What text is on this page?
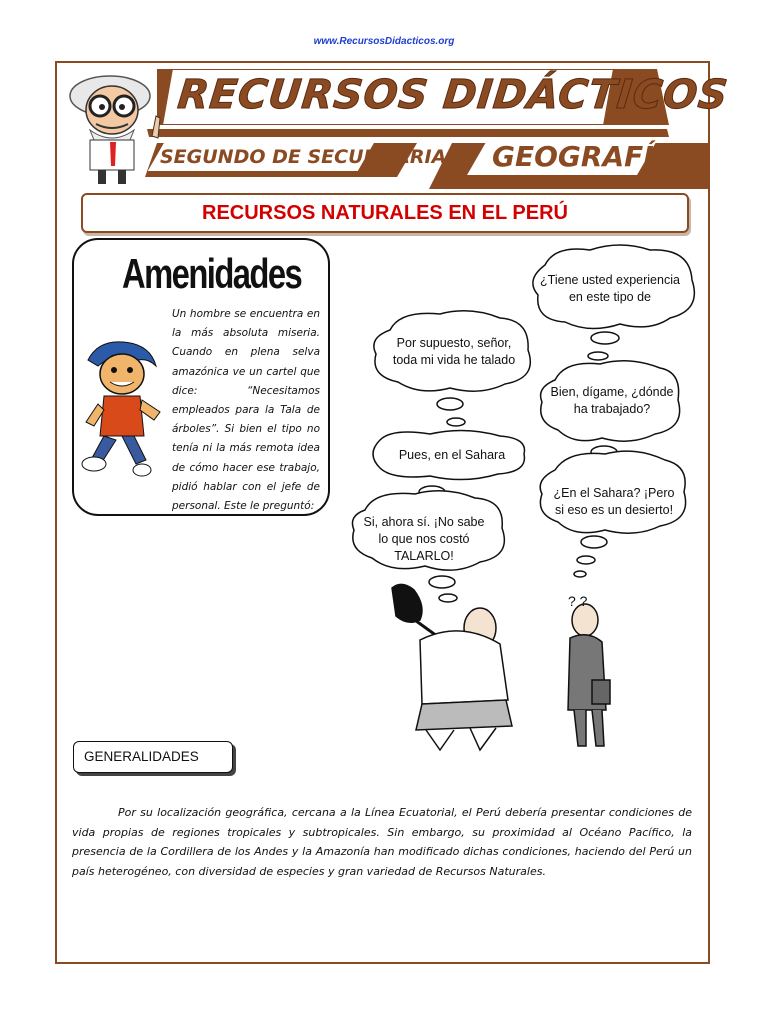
www.RecursosDidacticos.org
RECURSOS DIDÁCTICOS
SEGUNDO DE SECUNDARIA GEOGRAFÍA
RECURSOS NATURALES EN EL PERÚ
Amenidades
Un hombre se encuentra en la más absoluta miseria. Cuando en plena selva amazónica ve un cartel que dice: “Necesitamos empleados para la Tala de árboles”. Si bien el tipo no tenía ni la más remota idea de cómo hacer ese trabajo, pidió hablar con el jefe de personal. Este le preguntó:
? ?
¿Tiene usted experiencia en este tipo de
Por supuesto, señor, toda mi vida he talado
Bien, dígame, ¿dónde ha trabajado?
Pues, en el Sahara
¿En el Sahara? ¡Pero si eso es un desierto!
Si, ahora sí. ¡No sabe lo que nos costó TALARLO!
GENERALIDADES
Por su localización geográfica, cercana a la Línea Ecuatorial, el Perú debería presentar condiciones de vida propias de regiones tropicales y subtropicales. Sin embargo, su proximidad al Océano Pacífico, la presencia de la Cordillera de los Andes y la Amazonía han modificado dichas condiciones, haciendo del Perú un país heterogéneo, con diversidad de especies y gran variedad de Recursos Naturales.
